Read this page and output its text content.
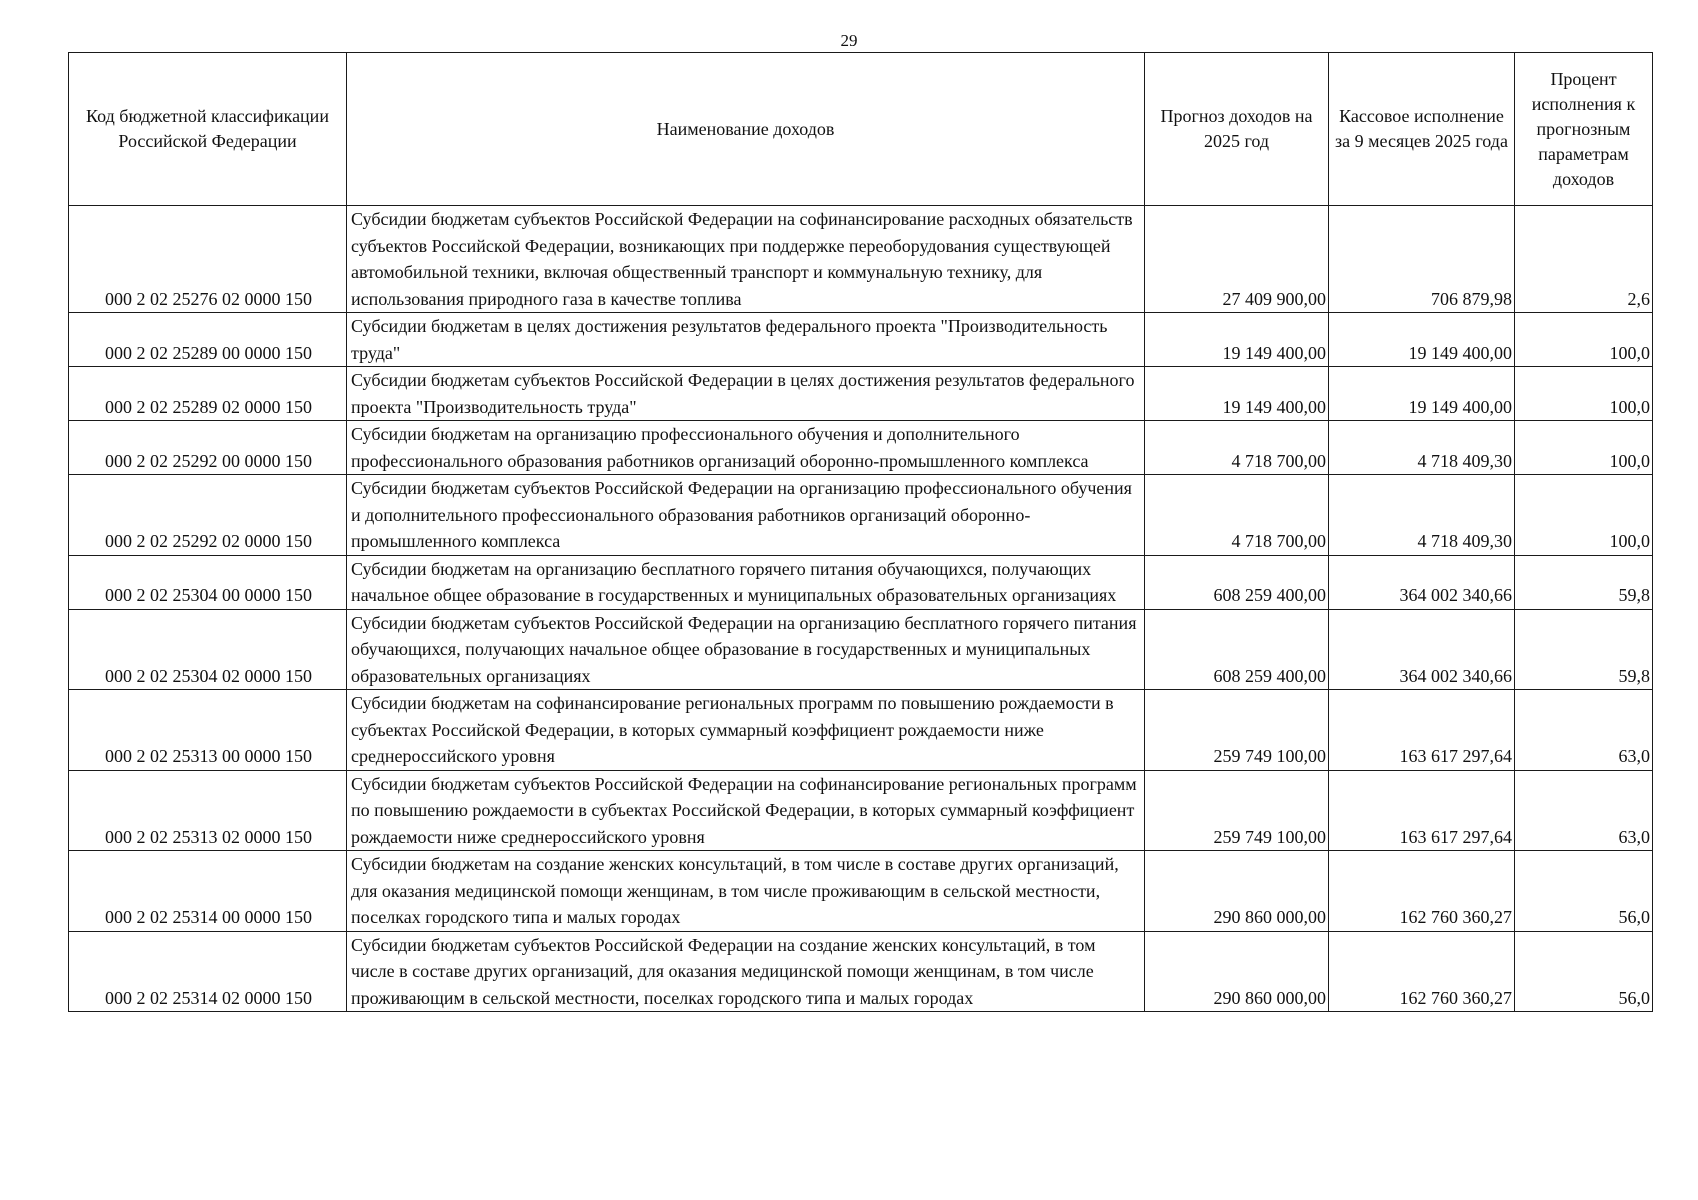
29
Код бюджетной классификации Российской Федерации	Наименование доходов	Прогноз доходов на 2025 год	Кассовое исполнение за 9 месяцев 2025 года	Процент исполнения к прогнозным параметрам доходов
000 2 02 25276 02 0000 150	Субсидии бюджетам субъектов Российской Федерации на софинансирование расходных обязательств субъектов Российской Федерации, возникающих при поддержке переоборудования существующей автомобильной техники, включая общественный транспорт и коммунальную технику, для использования природного газа в качестве топлива	27 409 900,00	706 879,98	2,6
000 2 02 25289 00 0000 150	Субсидии бюджетам в целях достижения результатов федерального проекта "Производительность труда"	19 149 400,00	19 149 400,00	100,0
000 2 02 25289 02 0000 150	Субсидии бюджетам субъектов Российской Федерации в целях достижения результатов федерального проекта "Производительность труда"	19 149 400,00	19 149 400,00	100,0
000 2 02 25292 00 0000 150	Субсидии бюджетам на организацию профессионального обучения и дополнительного профессионального образования работников организаций оборонно-промышленного комплекса	4 718 700,00	4 718 409,30	100,0
000 2 02 25292 02 0000 150	Субсидии бюджетам субъектов Российской Федерации на организацию профессионального обучения и дополнительного профессионального образования работников организаций оборонно-промышленного комплекса	4 718 700,00	4 718 409,30	100,0
000 2 02 25304 00 0000 150	Субсидии бюджетам на организацию бесплатного горячего питания обучающихся, получающих начальное общее образование в государственных и муниципальных образовательных организациях	608 259 400,00	364 002 340,66	59,8
000 2 02 25304 02 0000 150	Субсидии бюджетам субъектов Российской Федерации на организацию бесплатного горячего питания обучающихся, получающих начальное общее образование в государственных и муниципальных образовательных организациях	608 259 400,00	364 002 340,66	59,8
000 2 02 25313 00 0000 150	Субсидии бюджетам на софинансирование региональных программ по повышению рождаемости в субъектах Российской Федерации, в которых суммарный коэффициент рождаемости ниже среднероссийского уровня	259 749 100,00	163 617 297,64	63,0
000 2 02 25313 02 0000 150	Субсидии бюджетам субъектов Российской Федерации на софинансирование региональных программ по повышению рождаемости в субъектах Российской Федерации, в которых суммарный коэффициент рождаемости ниже среднероссийского уровня	259 749 100,00	163 617 297,64	63,0
000 2 02 25314 00 0000 150	Субсидии бюджетам на создание женских консультаций, в том числе в составе других организаций, для оказания медицинской помощи женщинам, в том числе проживающим в сельской местности, поселках городского типа и малых городах	290 860 000,00	162 760 360,27	56,0
000 2 02 25314 02 0000 150	Субсидии бюджетам субъектов Российской Федерации на создание женских консультаций, в том числе в составе других организаций, для оказания медицинской помощи женщинам, в том числе проживающим в сельской местности, поселках городского типа и малых городах	290 860 000,00	162 760 360,27	56,0
